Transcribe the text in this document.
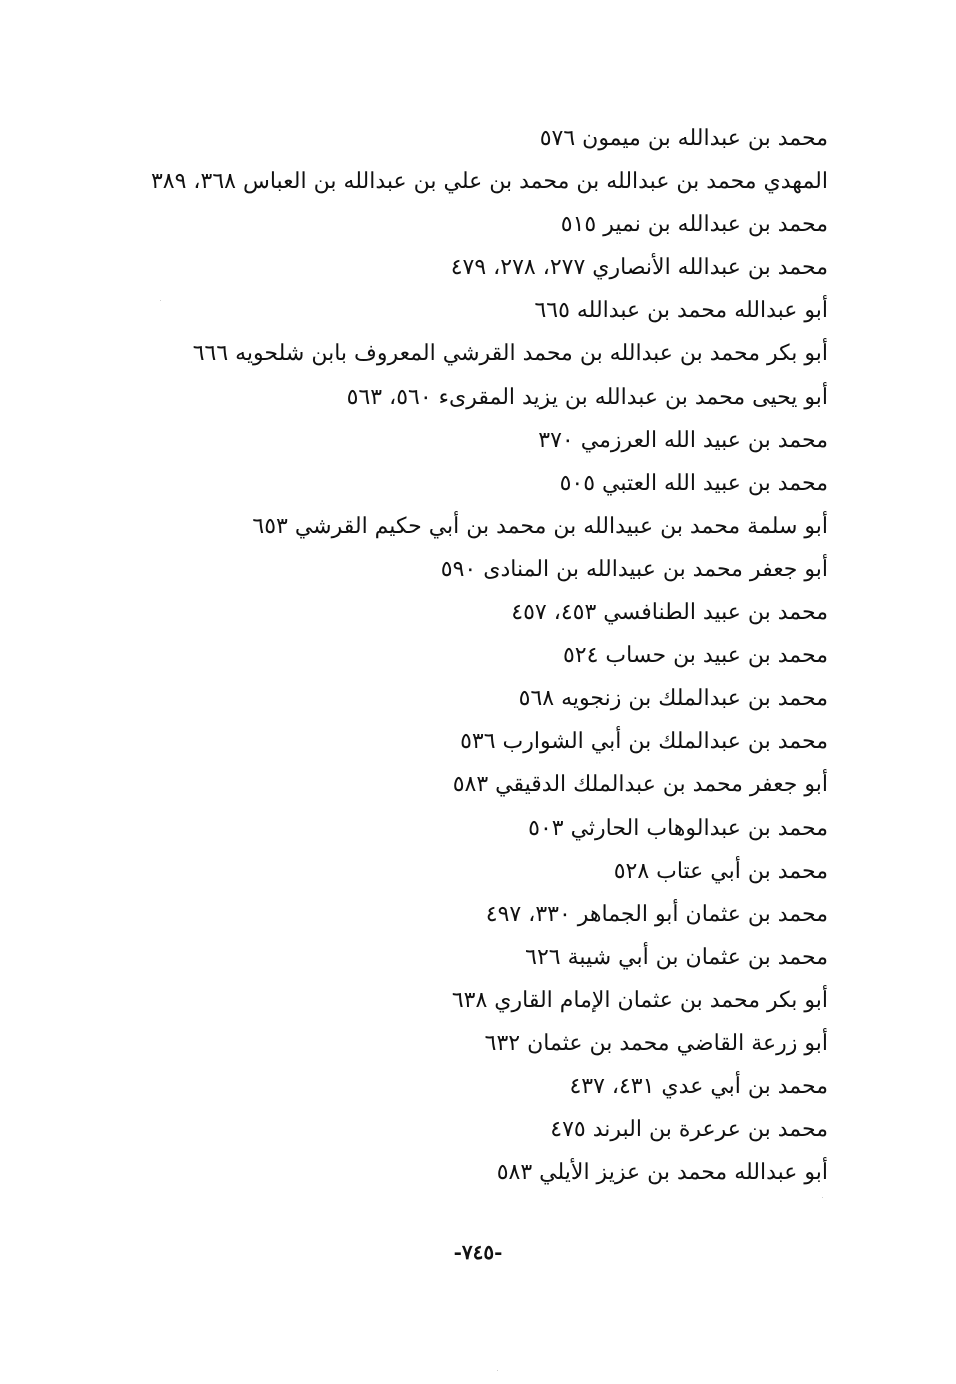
محمد بن عبدالله بن ميمون ٥٧٦
المهدي محمد بن عبدالله بن محمد بن علي بن عبدالله بن العباس ٣٦٨، ٣٨٩
محمد بن عبدالله بن نمير ٥١٥
محمد بن عبدالله الأنصاري ٢٧٧، ٢٧٨، ٤٧٩
أبو عبدالله محمد بن عبدالله ٦٦٥
أبو بكر محمد بن عبدالله بن محمد القرشي المعروف بابن شلحويه ٦٦٦
أبو يحيى محمد بن عبدالله بن يزيد المقرىء ٥٦٠، ٥٦٣
محمد بن عبيد الله العرزمي ٣٧٠
محمد بن عبيد الله العتبي ٥٠٥
أبو سلمة محمد بن عبيدالله بن محمد بن أبي حكيم القرشي ٦٥٣
أبو جعفر محمد بن عبيدالله بن المنادى ٥٩٠
محمد بن عبيد الطنافسي ٤٥٣، ٤٥٧
محمد بن عبيد بن حساب ٥٢٤
محمد بن عبدالملك بن زنجويه ٥٦٨
محمد بن عبدالملك بن أبي الشوارب ٥٣٦
أبو جعفر محمد بن عبدالملك الدقيقي ٥٨٣
محمد بن عبدالوهاب الحارثي ٥٠٣
محمد بن أبي عتاب ٥٢٨
محمد بن عثمان أبو الجماهر ٣٣٠، ٤٩٧
محمد بن عثمان بن أبي شيبة ٦٢٦
أبو بكر محمد بن عثمان الإمام القاري ٦٣٨
أبو زرعة القاضي محمد بن عثمان ٦٣٢
محمد بن أبي عدي ٤٣١، ٤٣٧
محمد بن عرعرة بن البرند ٤٧٥
أبو عبدالله محمد بن عزيز الأيلي ٥٨٣
-٧٤٥-
